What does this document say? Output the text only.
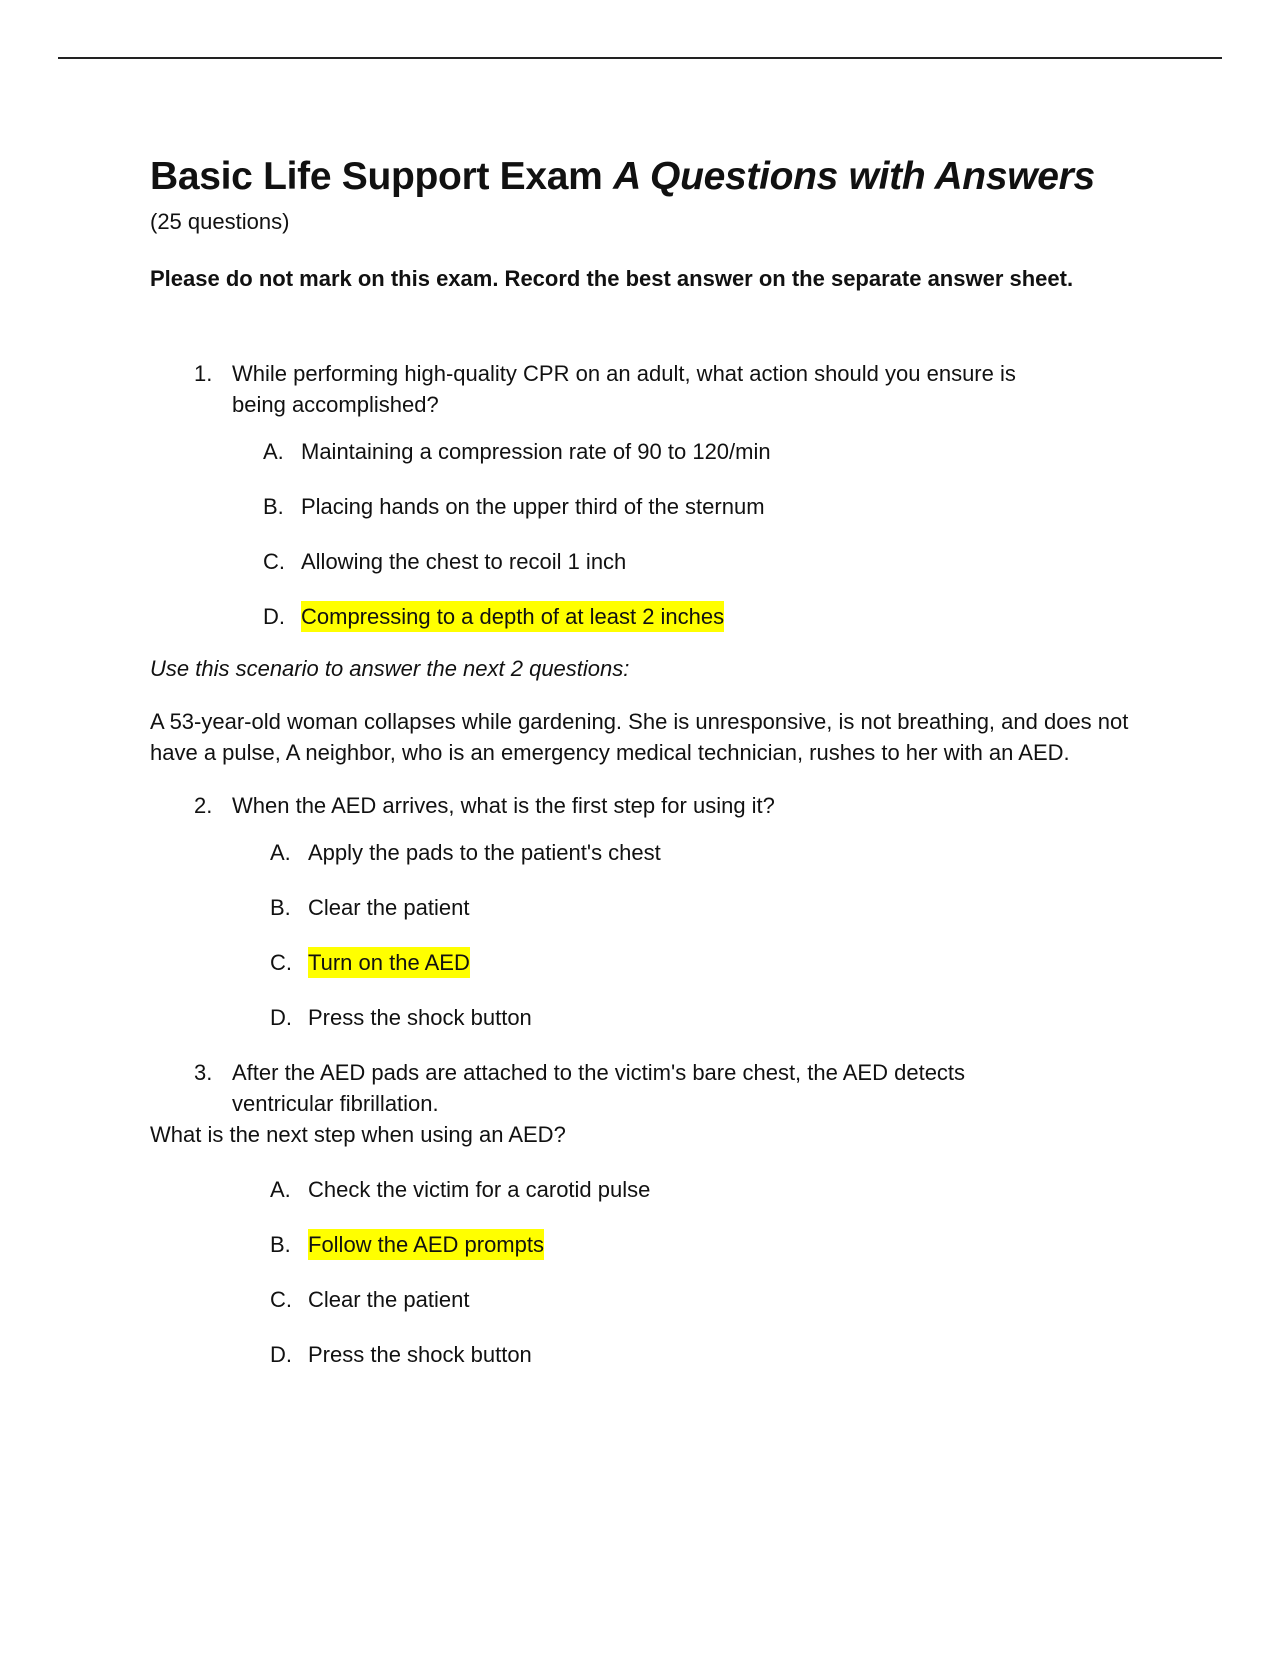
Basic Life Support Exam A Questions with Answers
(25 questions)
Please do not mark on this exam. Record the best answer on the separate answer sheet.
1. While performing high-quality CPR on an adult, what action should you ensure is being accomplished?
A. Maintaining a compression rate of 90 to 120/min
B. Placing hands on the upper third of the sternum
C. Allowing the chest to recoil 1 inch
D. Compressing to a depth of at least 2 inches
Use this scenario to answer the next 2 questions:
A 53-year-old woman collapses while gardening. She is unresponsive, is not breathing, and does not have a pulse, A neighbor, who is an emergency medical technician, rushes to her with an AED.
2. When the AED arrives, what is the first step for using it?
A. Apply the pads to the patient's chest
B. Clear the patient
C. Turn on the AED
D. Press the shock button
3. After the AED pads are attached to the victim's bare chest, the AED detects ventricular fibrillation.
What is the next step when using an AED?
A. Check the victim for a carotid pulse
B. Follow the AED prompts
C. Clear the patient
D. Press the shock button
